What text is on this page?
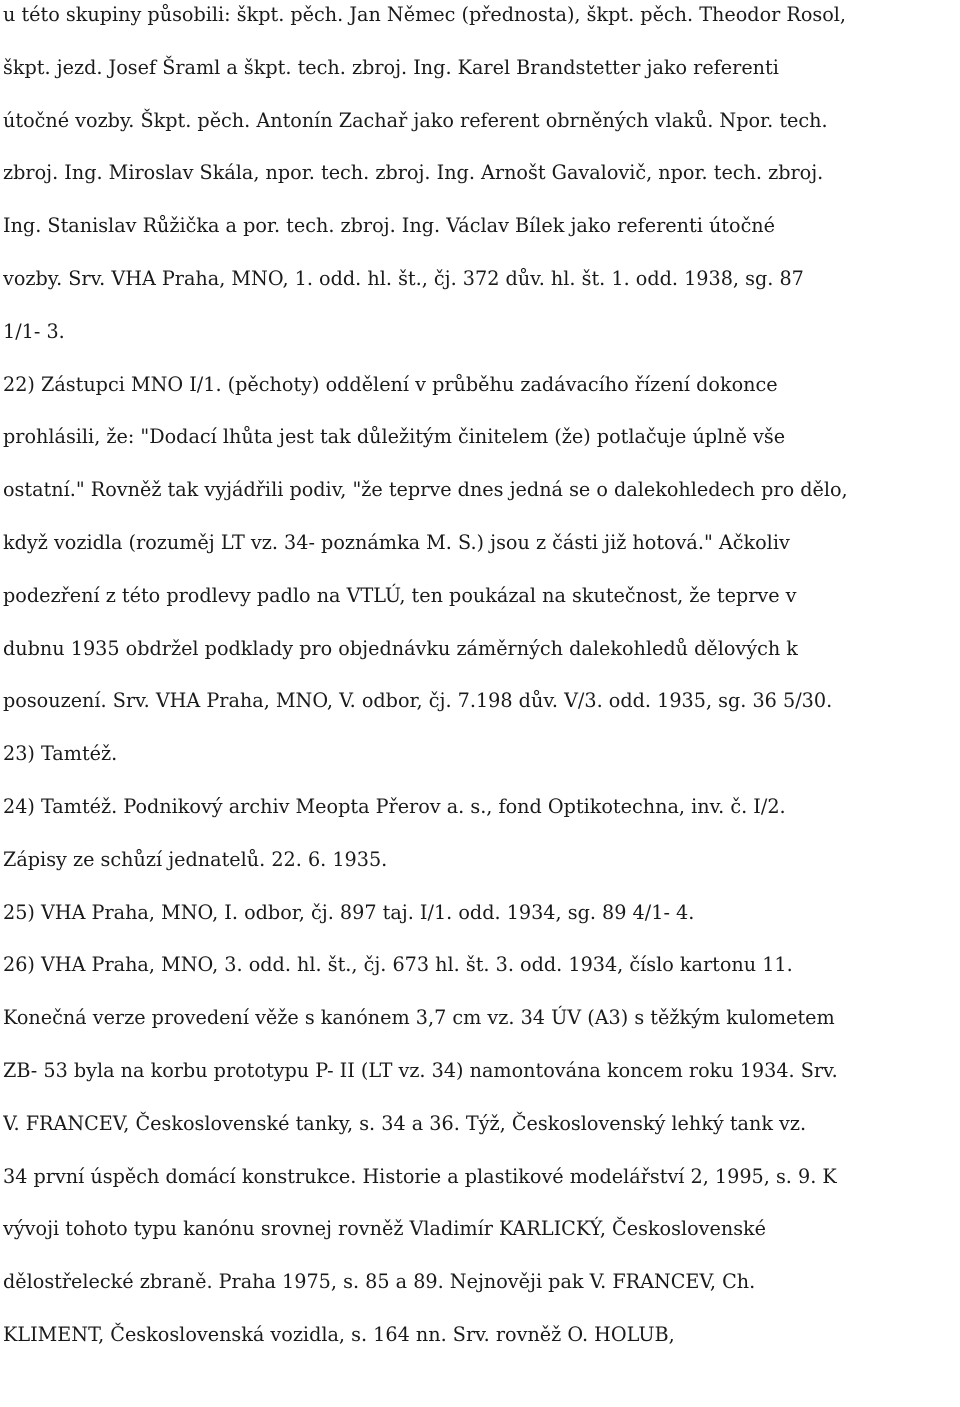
u této skupiny působili: škpt. pěch. Jan Němec (přednosta), škpt. pěch. Theodor Rosol,
škpt. jezd. Josef Šraml a škpt. tech. zbroj. Ing. Karel Brandstetter jako referenti
útočné vozby. Škpt. pěch. Antonín Zachař jako referent obrněných vlaků. Npor. tech.
zbroj. Ing. Miroslav Skála, npor. tech. zbroj. Ing. Arnošt Gavalovič, npor. tech. zbroj.
Ing. Stanislav Růžička a por. tech. zbroj. Ing. Václav Bílek jako referenti útočné
vozby. Srv. VHA Praha, MNO, 1. odd. hl. št., čj. 372 dův. hl. št. 1. odd. 1938, sg. 87
1/1- 3.
22) Zástupci MNO I/1. (pěchoty) oddělení v průběhu zadávacího řízení dokonce
prohlásili, že: "Dodací lhůta jest tak důležitým činitelem (že) potlačuje úplně vše
ostatní." Rovněž tak vyjádřili podiv, "že teprve dnes jedná se o dalekohledech pro dělo,
když vozidla (rozuměj LT vz. 34- poznámka M. S.) jsou z části již hotová." Ačkoliv
podezření z této prodlevy padlo na VTLÚ, ten poukázal na skutečnost, že teprve v
dubnu 1935 obdržel podklady pro objednávku záměrných dalekohledů dělových k
posouzení. Srv. VHA Praha, MNO, V. odbor, čj. 7.198 dův. V/3. odd. 1935, sg. 36 5/30.
23) Tamtéž.
24) Tamtéž. Podnikový archiv Meopta Přerov a. s., fond Optikotechna, inv. č. I/2.
Zápisy ze schůzí jednatelů. 22. 6. 1935.
25) VHA Praha, MNO, I. odbor, čj. 897 taj. I/1. odd. 1934, sg. 89 4/1- 4.
26) VHA Praha, MNO, 3. odd. hl. št., čj. 673 hl. št. 3. odd. 1934, číslo kartonu 11.
Konečná verze provedení věže s kanónem 3,7 cm vz. 34 ÚV (A3) s těžkým kulometem
ZB- 53 byla na korbu prototypu P- II (LT vz. 34) namontována koncem roku 1934. Srv.
V. FRANCEV, Československé tanky, s. 34 a 36. Týž, Československý lehký tank vz.
34 první úspěch domácí konstrukce. Historie a plastikové modelářství 2, 1995, s. 9. K
vývoji tohoto typu kanónu srovnej rovněž Vladimír KARLICKÝ, Československé
dělostřelecké zbraně. Praha 1975, s. 85 a 89. Nejnověji pak V. FRANCEV, Ch.
KLIMENT, Československá vozidla, s. 164 nn. Srv. rovněž O. HOLUB,
